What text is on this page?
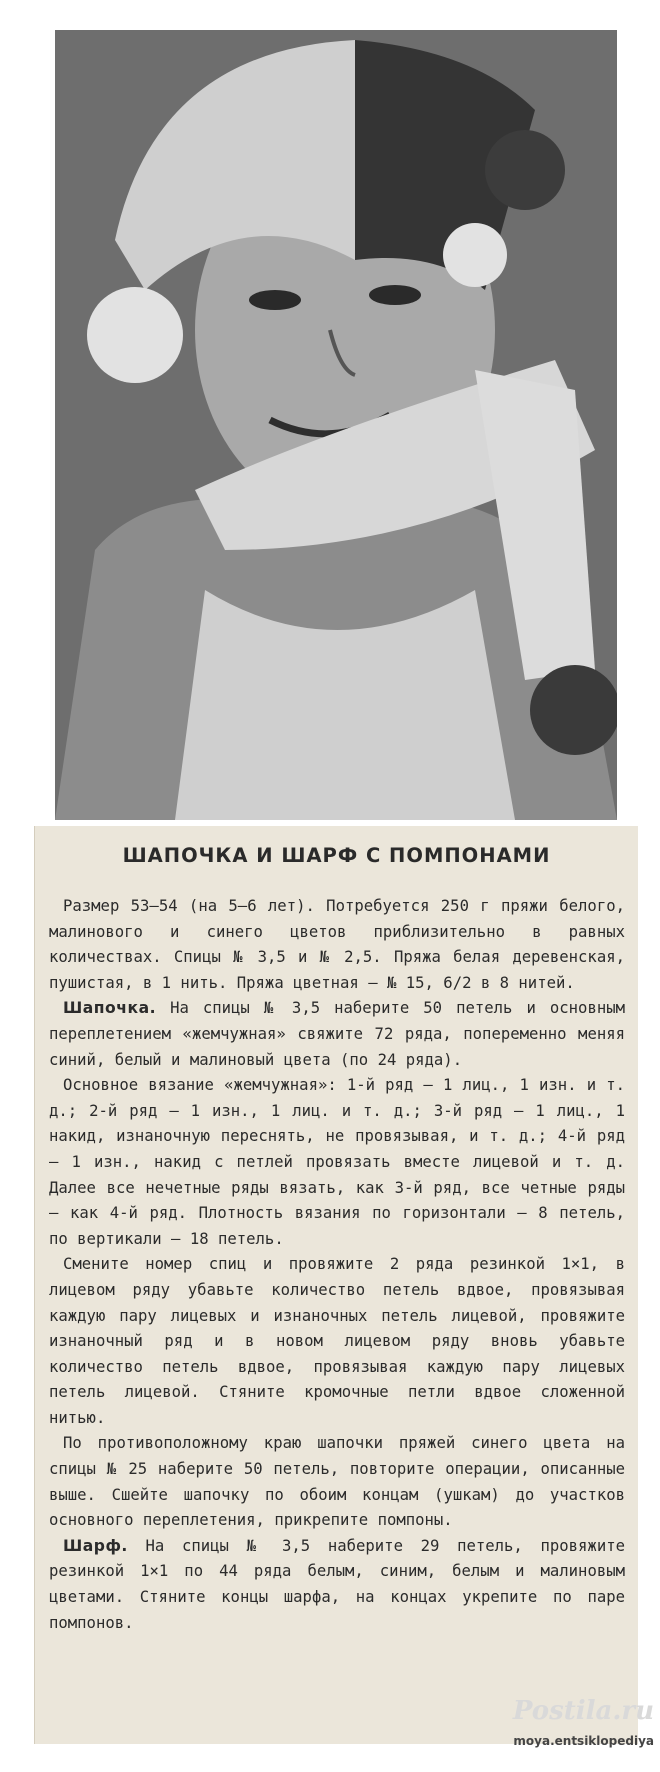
ШАПОЧКА И ШАРФ С ПОМПОНАМИ

Размер 53—54 (на 5—6 лет). Потребуется 250 г пряжи белого, малинового и синего цветов приблизительно в равных количествах. Спицы № 3,5 и № 2,5. Пряжа белая деревенская, пушистая, в 1 нить. Пряжа цветная — № 15, 6/2 в 8 нитей.

Шапочка. На спицы № 3,5 наберите 50 петель и основным переплетением «жемчужная» свяжите 72 ряда, попеременно меняя синий, белый и малиновый цвета (по 24 ряда).

Основное вязание «жемчужная»: 1-й ряд — 1 лиц., 1 изн. и т. д.; 2-й ряд — 1 изн., 1 лиц. и т. д.; 3-й ряд — 1 лиц., 1 накид, изнаночную переснять, не провязывая, и т. д.; 4-й ряд — 1 изн., накид с петлей провязать вместе лицевой и т. д. Далее все нечетные ряды вязать, как 3-й ряд, все четные ряды — как 4-й ряд. Плотность вязания по горизонтали — 8 петель, по вертикали — 18 петель.

Смените номер спиц и провяжите 2 ряда резинкой 1×1, в лицевом ряду убавьте количество петель вдвое, провязывая каждую пару лицевых и изнаночных петель лицевой, провяжите изнаночный ряд и в новом лицевом ряду вновь убавьте количество петель вдвое, провязывая каждую пару лицевых петель лицевой. Стяните кромочные петли вдвое сложенной нитью.

По противоположному краю шапочки пряжей синего цвета на спицы № 25 наберите 50 петель, повторите операции, описанные выше. Сшейте шапочку по обоим концам (ушкам) до участков основного переплетения, прикрепите помпоны.

Шарф. На спицы № 3,5 наберите 29 петель, провяжите резинкой 1×1 по 44 ряда белым, синим, белым и малиновым цветами. Стяните концы шарфа, на концах укрепите по паре помпонов.

Postila.ru
moya.entsiklopediya
